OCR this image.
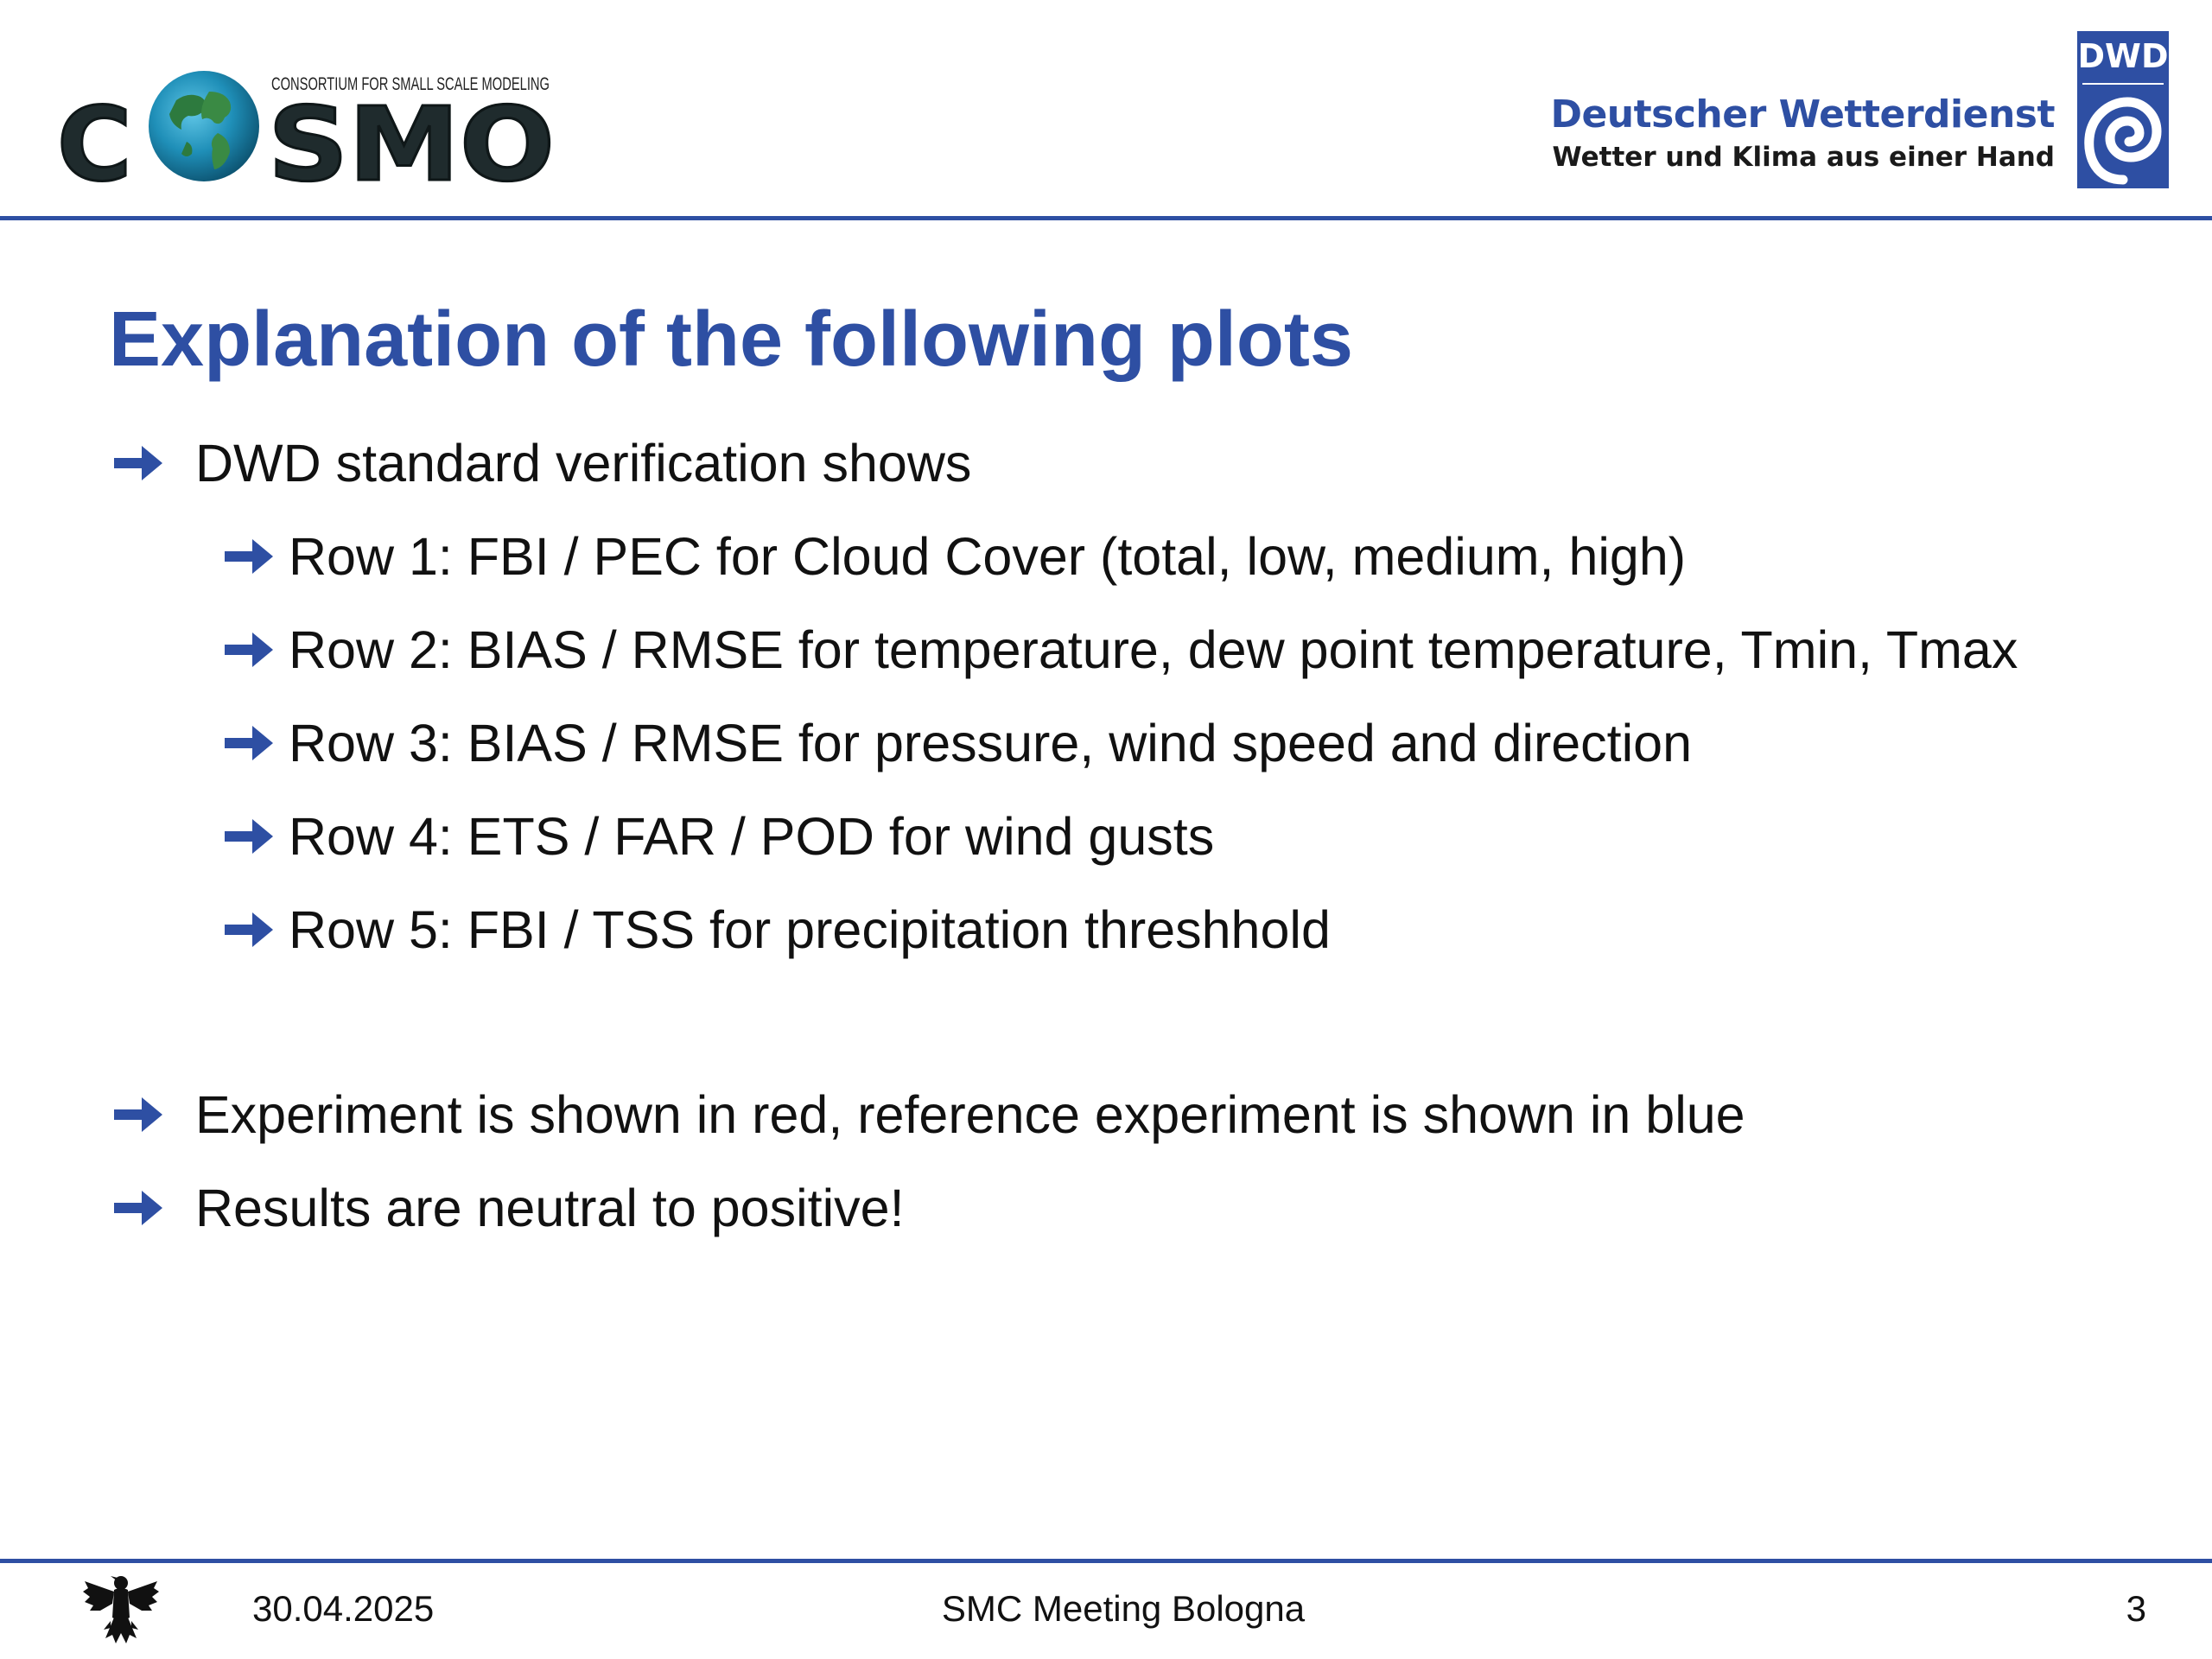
CONSORTIUM FOR SMALL SCALE MODELING
C SMO	Deutscher Wetterdienst
Wetter und Klima aus einer Hand
DWD
Explanation of the following plots
DWD standard verification shows
Row 1: FBI / PEC for Cloud Cover (total, low, medium, high)
Row 2: BIAS / RMSE for temperature, dew point temperature, Tmin, Tmax
Row 3: BIAS / RMSE for pressure, wind speed and direction
Row 4: ETS / FAR / POD for wind gusts
Row 5: FBI / TSS for precipitation threshhold
Experiment is shown in red, reference experiment is shown in blue
Results are neutral to positive!
30.04.2025	SMC Meeting Bologna	3
